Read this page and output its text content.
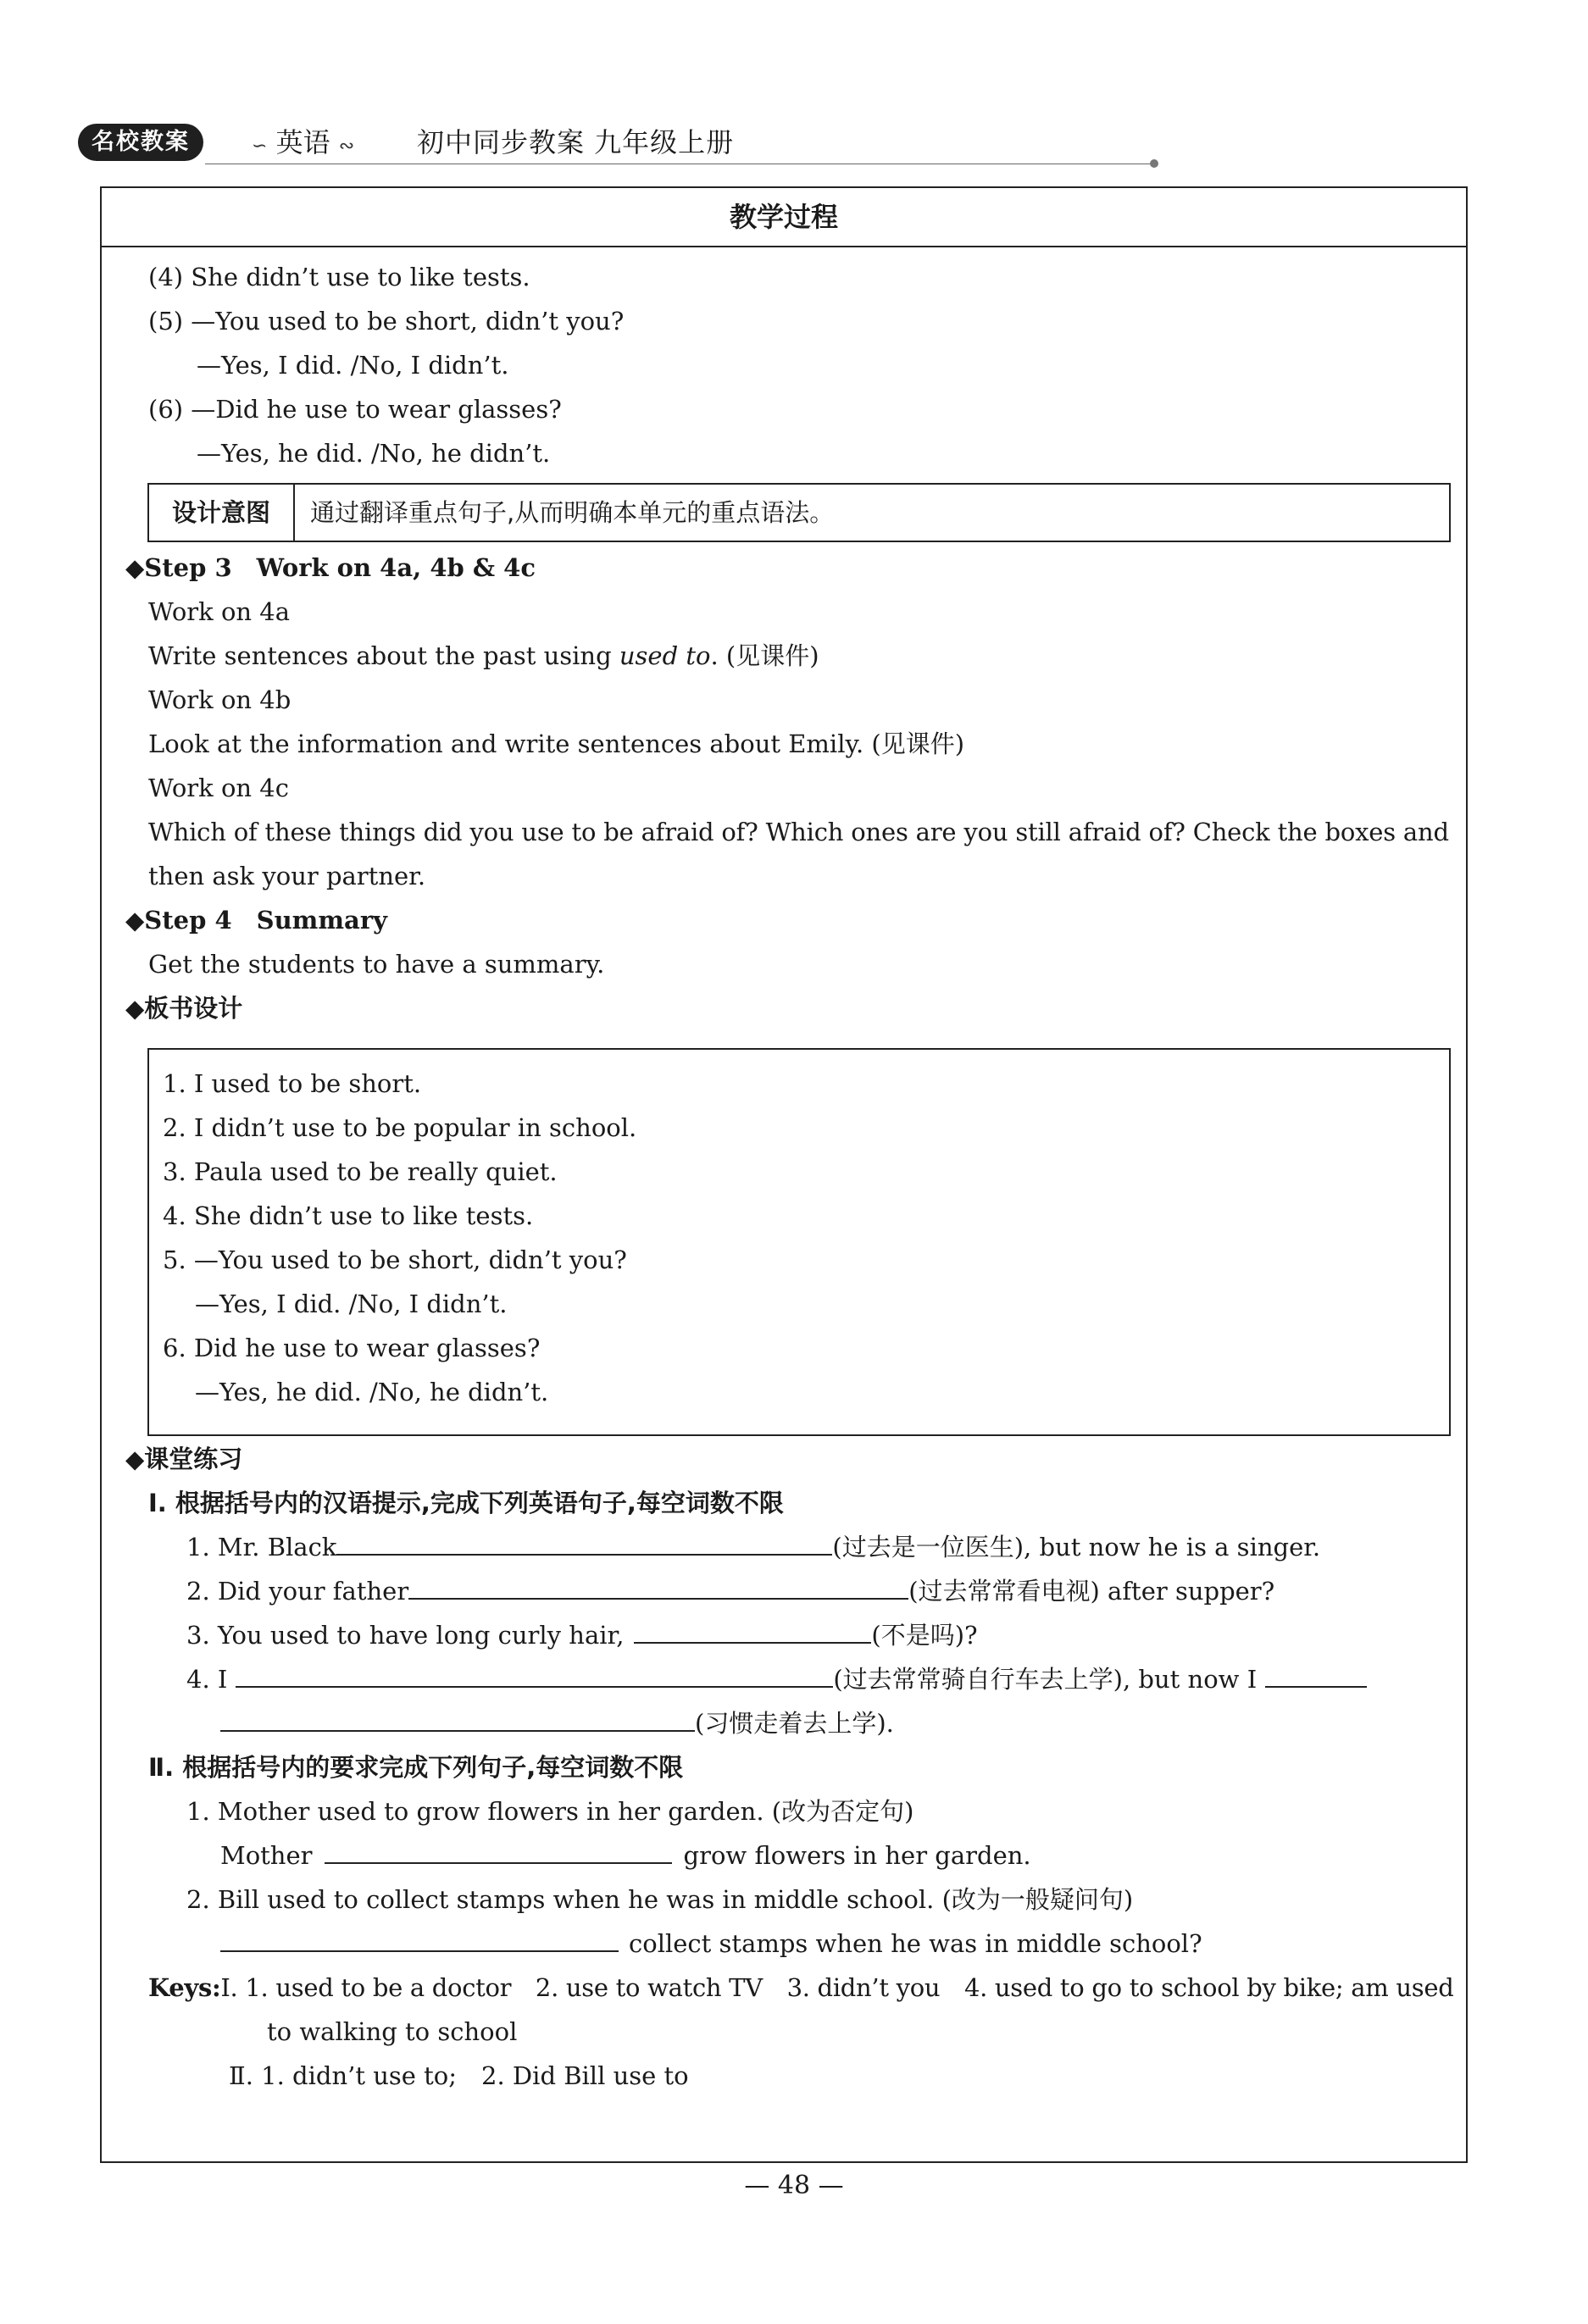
名校教案	∽ 英语 ∾ 初中同步教案 九年级上册
教学过程
(4) She didn’t use to like tests.
(5) —You used to be short, didn’t you?
—Yes, I did. /No, I didn’t.
(6) —Did he use to wear glasses?
—Yes, he did. /No, he didn’t.
设计意图	通过翻译重点句子,从而明确本单元的重点语法。
◆Step 3　Work on 4a, 4b & 4c
Work on 4a
Write sentences about the past using used to. (见课件)
Work on 4b
Look at the information and write sentences about Emily. (见课件)
Work on 4c
Which of these things did you use to be afraid of? Which ones are you still afraid of? Check the boxes and
then ask your partner.
◆Step 4　Summary
Get the students to have a summary.
◆板书设计
1. I used to be short.
2. I didn’t use to be popular in school.
3. Paula used to be really quiet.
4. She didn’t use to like tests.
5. —You used to be short, didn’t you?
—Yes, I did. /No, I didn’t.
6. Did he use to wear glasses?
—Yes, he did. /No, he didn’t.
◆课堂练习
Ⅰ. 根据括号内的汉语提示,完成下列英语句子,每空词数不限
1. Mr. Black	(过去是一位医生), but now he is a singer.
2. Did your father	(过去常常看电视) after supper?
3. You used to have long curly hair,	(不是吗)?
4. I	(过去常常骑自行车去上学), but now I
(习惯走着去上学).
Ⅱ. 根据括号内的要求完成下列句子,每空词数不限
1. Mother used to grow flowers in her garden. (改为否定句)
Mother	grow flowers in her garden.
2. Bill used to collect stamps when he was in middle school. (改为一般疑问句)
collect stamps when he was in middle school?
Keys:Ⅰ. 1. used to be a doctor　2. use to watch TV　3. didn’t you　4. used to go to school by bike; am used
to walking to school
Ⅱ. 1. didn’t use to;　2. Did Bill use to
— 48 —
